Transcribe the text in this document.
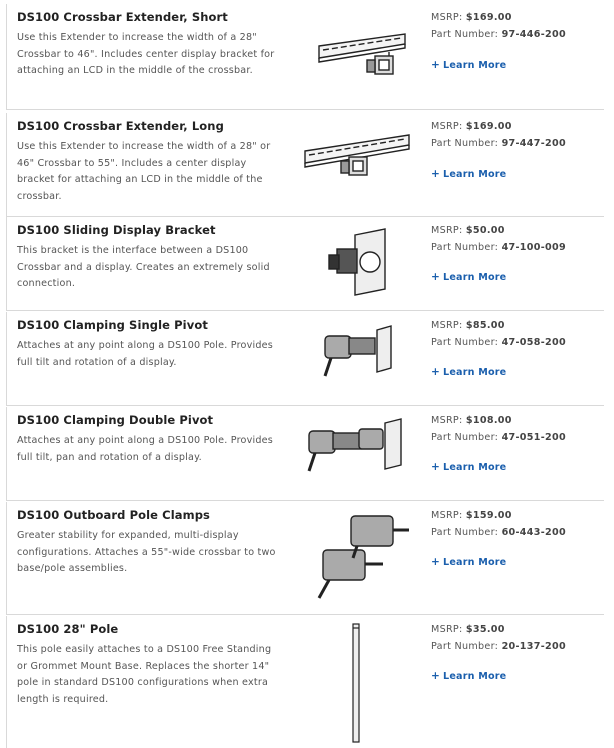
DS100 Crossbar Extender, Short
Use this Extender to increase the width of a 28" Crossbar to 46". Includes center display bracket for attaching an LCD in the middle of the crossbar.
MSRP: $169.00
Part Number: 97-446-200
+ Learn More
DS100 Crossbar Extender, Long
Use this Extender to increase the width of a 28" or 46" Crossbar to 55". Includes a center display bracket for attaching an LCD in the middle of the crossbar.
MSRP: $169.00
Part Number: 97-447-200
+ Learn More
DS100 Sliding Display Bracket
This bracket is the interface between a DS100 Crossbar and a display. Creates an extremely solid connection.
MSRP: $50.00
Part Number: 47-100-009
+ Learn More
DS100 Clamping Single Pivot
Attaches at any point along a DS100 Pole. Provides full tilt and rotation of a display.
MSRP: $85.00
Part Number: 47-058-200
+ Learn More
DS100 Clamping Double Pivot
Attaches at any point along a DS100 Pole. Provides full tilt, pan and rotation of a display.
MSRP: $108.00
Part Number: 47-051-200
+ Learn More
DS100 Outboard Pole Clamps
Greater stability for expanded, multi-display configurations. Attaches a 55"-wide crossbar to two base/pole assemblies.
MSRP: $159.00
Part Number: 60-443-200
+ Learn More
DS100 28" Pole
This pole easily attaches to a DS100 Free Standing or Grommet Mount Base. Replaces the shorter 14" pole in standard DS100 configurations when extra length is required.
MSRP: $35.00
Part Number: 20-137-200
+ Learn More
